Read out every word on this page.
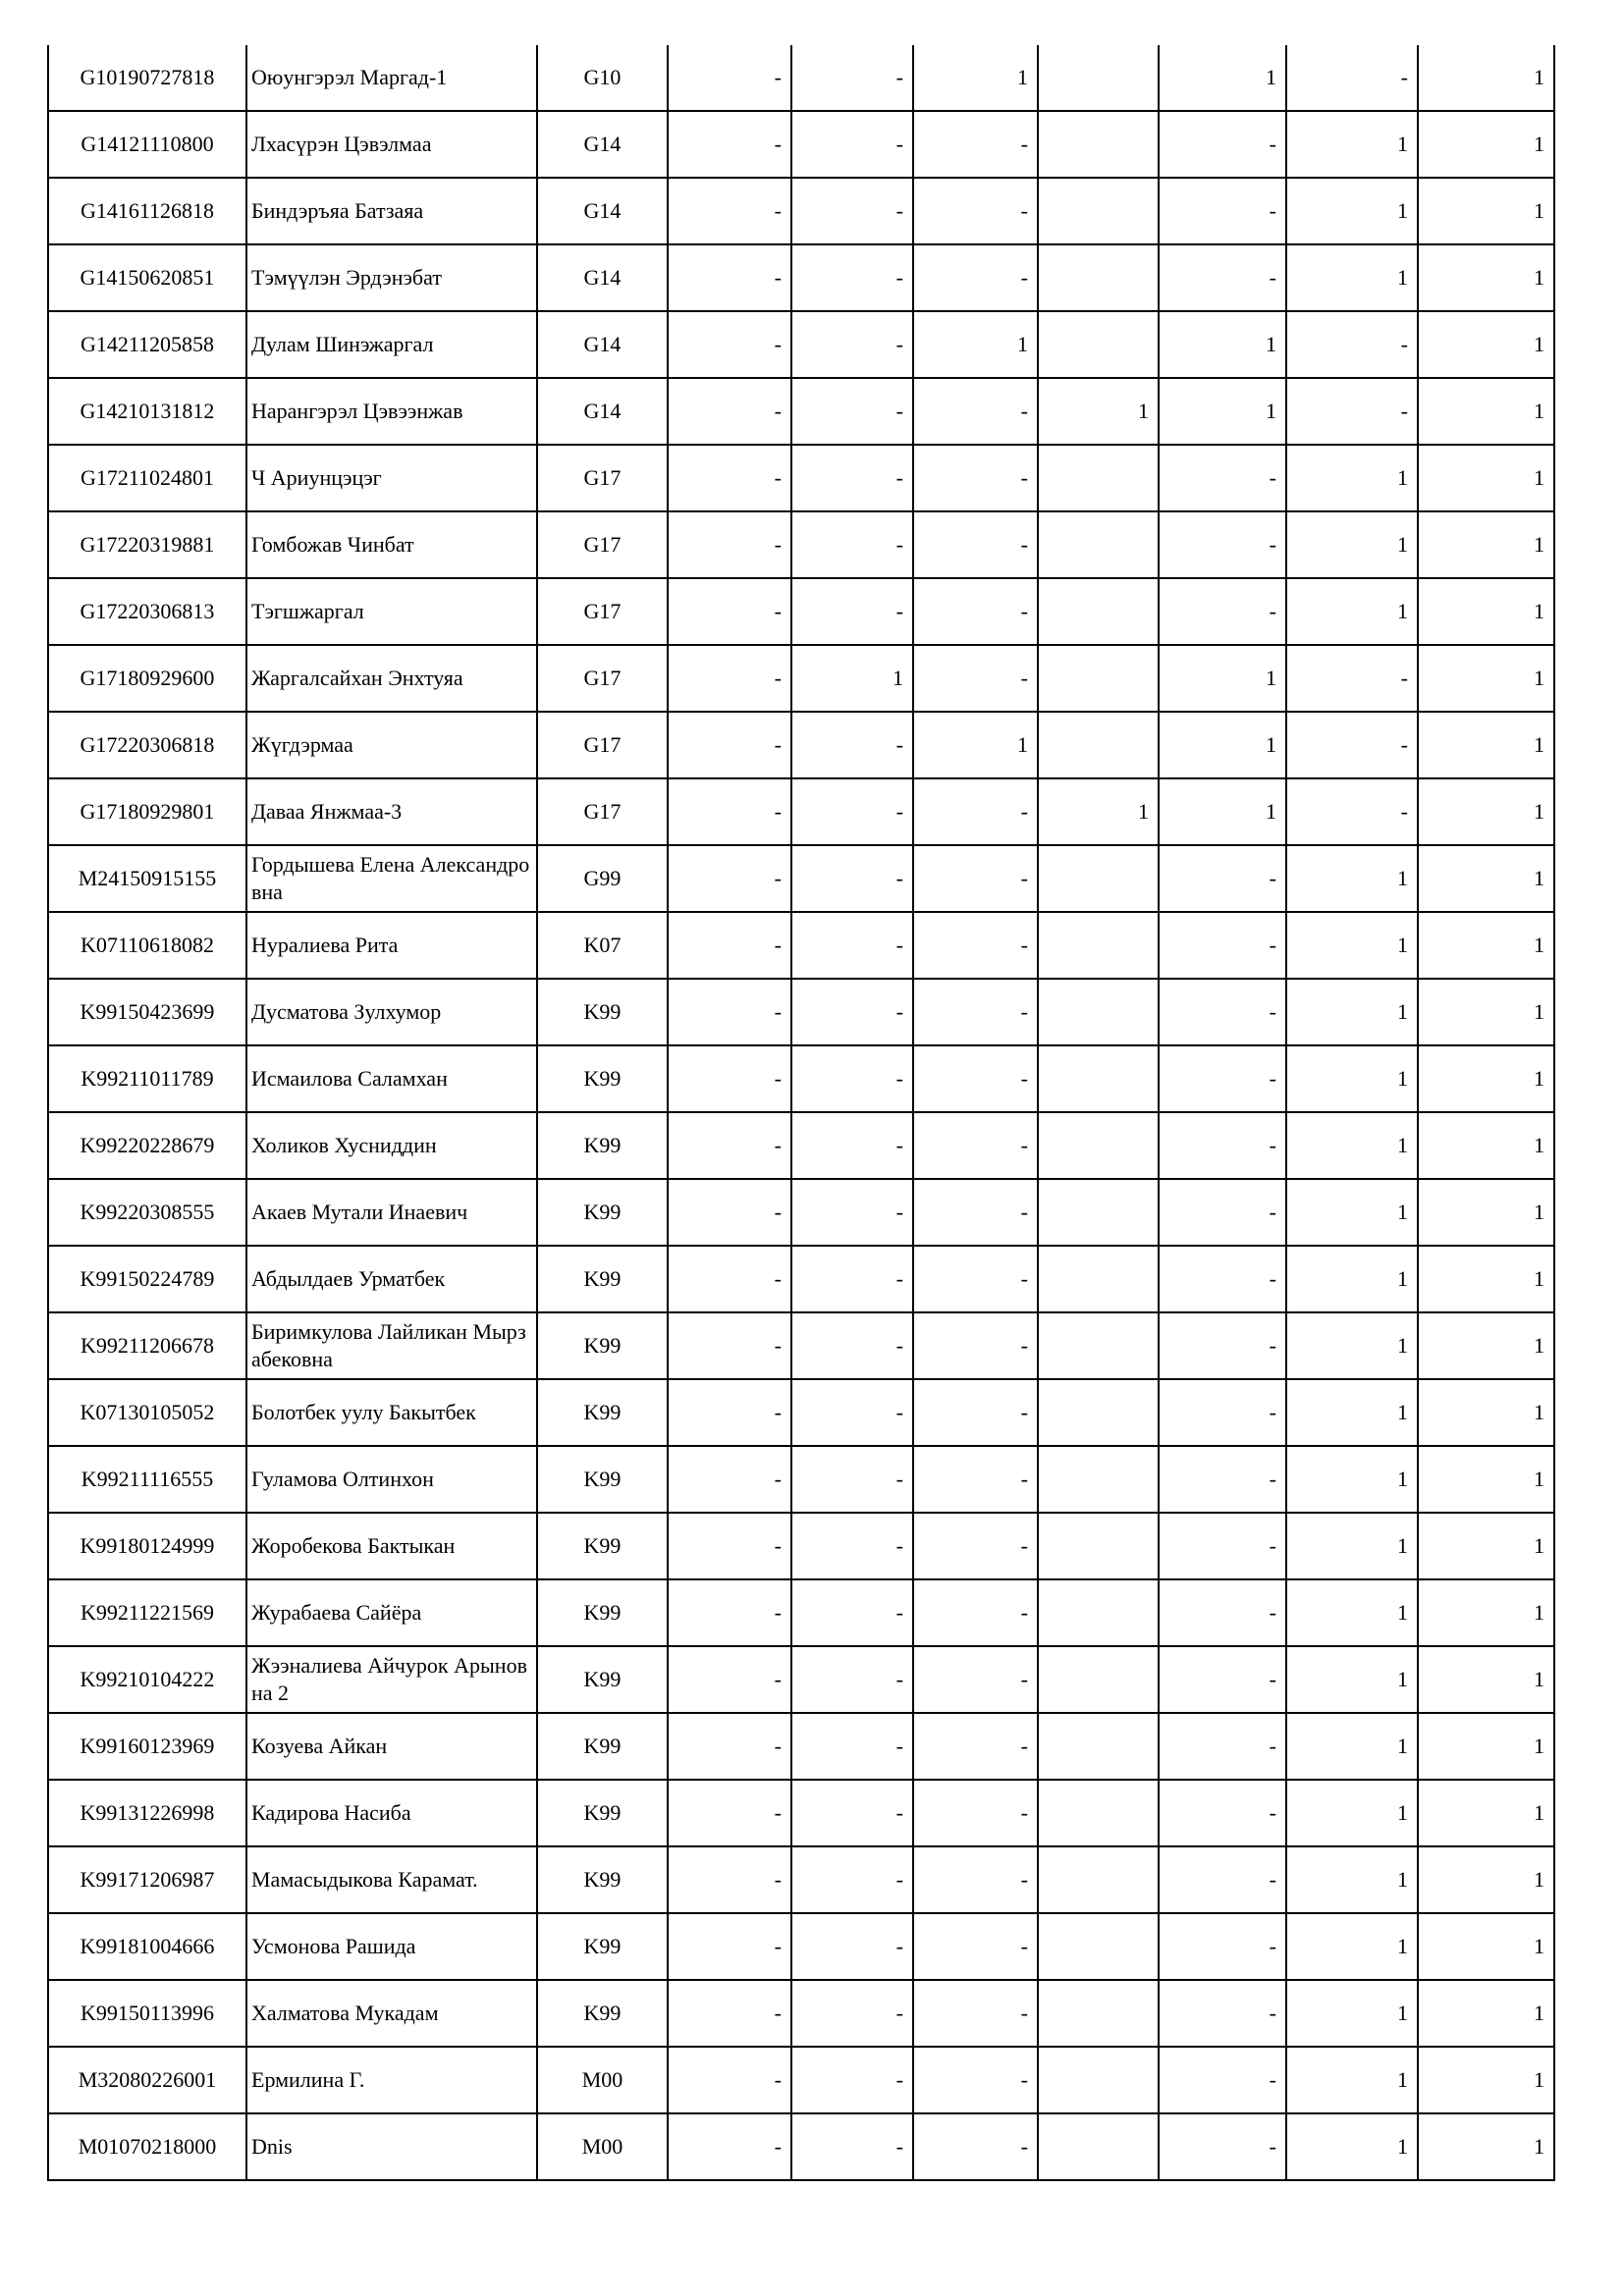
G10190727818	Оюунгэрэл Маргад-1	G10	-	-	1		1	-	1
G14121110800	Лхасүрэн Цэвэлмаа	G14	-	-	-		-	1	1
G14161126818	Биндэръяа Батзаяа	G14	-	-	-		-	1	1
G14150620851	Тэмүүлэн Эрдэнэбат	G14	-	-	-		-	1	1
G14211205858	Дулам Шинэжаргал	G14	-	-	1		1	-	1
G14210131812	Нарангэрэл Цэвээнжав	G14	-	-	-	1	1	-	1
G17211024801	Ч Ариунцэцэг	G17	-	-	-		-	1	1
G17220319881	Гомбожав Чинбат	G17	-	-	-		-	1	1
G17220306813	Тэгшжаргал	G17	-	-	-		-	1	1
G17180929600	Жаргалсайхан Энхтуяа	G17	-	1	-		1	-	1
G17220306818	Жүгдэрмаа	G17	-	-	1		1	-	1
G17180929801	Даваа Янжмаа-3	G17	-	-	-	1	1	-	1
M24150915155	Гордышева Елена Александровна	G99	-	-	-		-	1	1
K07110618082	Нуралиева Рита	K07	-	-	-		-	1	1
K99150423699	Дусматова Зулхумор	K99	-	-	-		-	1	1
K99211011789	Исмаилова Саламхан	K99	-	-	-		-	1	1
K99220228679	Холиков Хусниддин	K99	-	-	-		-	1	1
K99220308555	Акаев Мутали Инаевич	K99	-	-	-		-	1	1
K99150224789	Абдылдаев Урматбек	K99	-	-	-		-	1	1
K99211206678	Биримкулова Лайликан Мырзабековна	K99	-	-	-		-	1	1
K07130105052	Болотбек уулу Бакытбек	K99	-	-	-		-	1	1
K99211116555	Гуламова Олтинхон	K99	-	-	-		-	1	1
K99180124999	Жоробекова Бактыкан	K99	-	-	-		-	1	1
K99211221569	Журабаева Сайёра	K99	-	-	-		-	1	1
K99210104222	Жээналиева Айчурок Арыновна 2	K99	-	-	-		-	1	1
K99160123969	Козуева Айкан	K99	-	-	-		-	1	1
K99131226998	Кадирова Насиба	K99	-	-	-		-	1	1
K99171206987	Мамасыдыкова Карамат.	K99	-	-	-		-	1	1
K99181004666	Усмонова Рашида	K99	-	-	-		-	1	1
K99150113996	Халматова Мукадам	K99	-	-	-		-	1	1
M32080226001	Ермилина Г.	M00	-	-	-		-	1	1
M01070218000	Dnis	M00	-	-	-		-	1	1
